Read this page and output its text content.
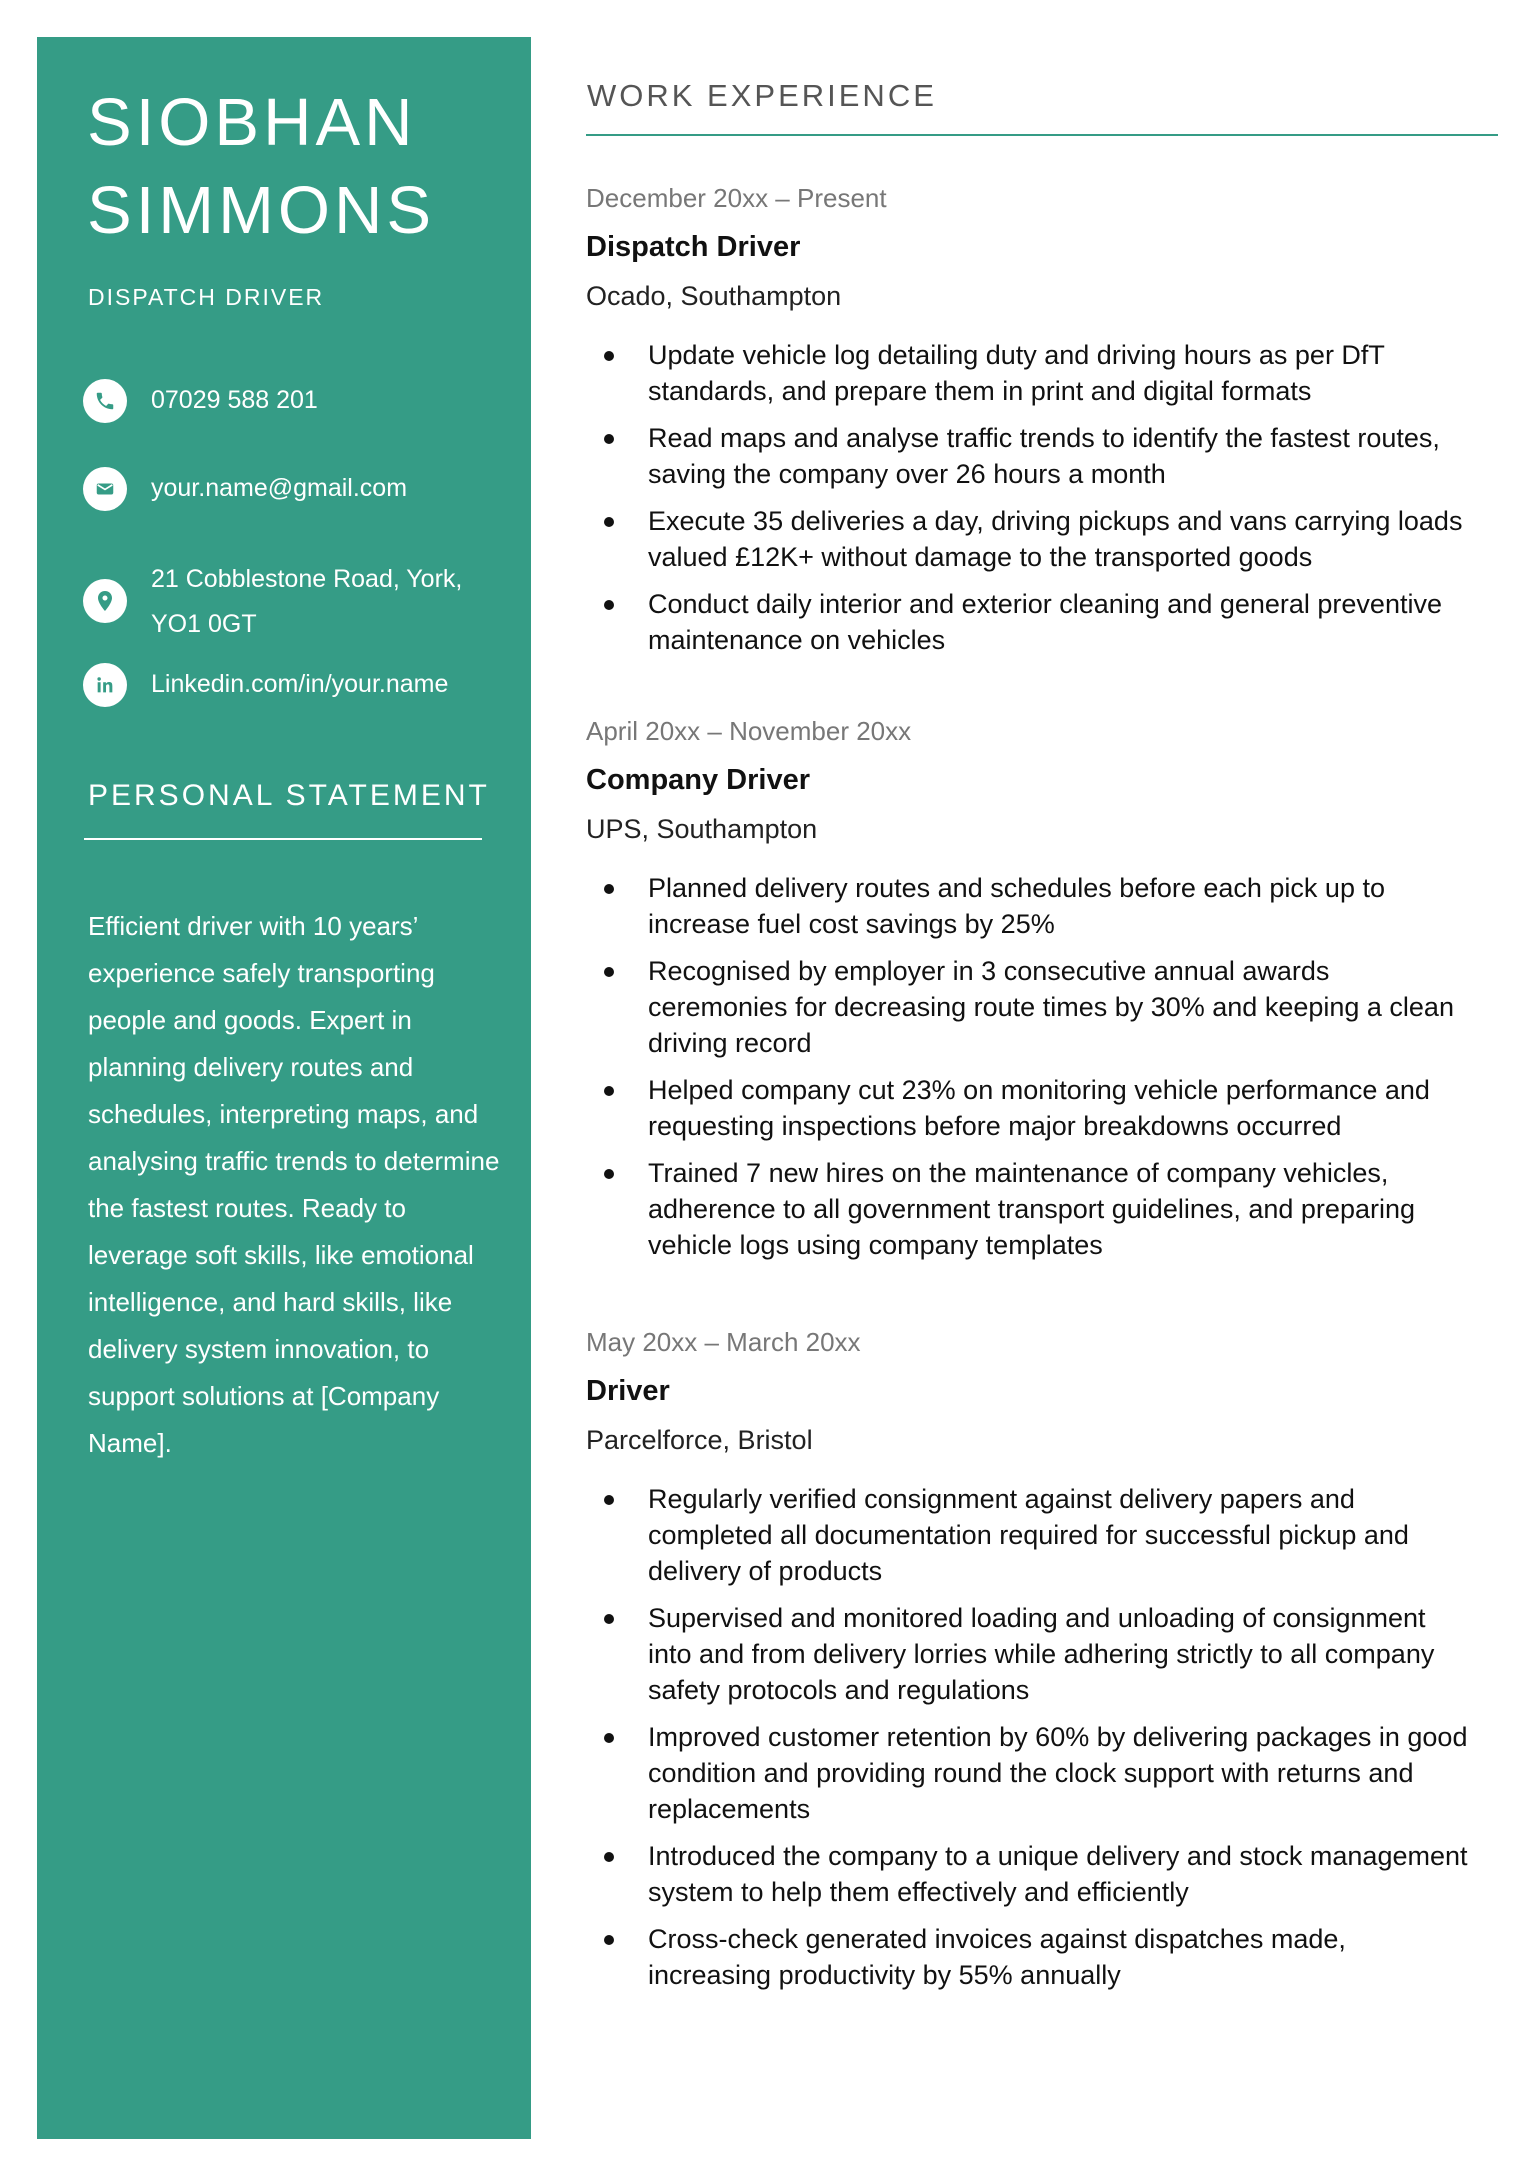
SIOBHAN
SIMMONS
DISPATCH DRIVER
07029 588 201
your.name@gmail.com
21 Cobblestone Road, York,
YO1 0GT
Linkedin.com/in/your.name
PERSONAL STATEMENT

Efficient driver with 10 years’ experience safely transporting people and goods. Expert in planning delivery routes and schedules, interpreting maps, and analysing traffic trends to determine the fastest routes. Ready to leverage soft skills, like emotional intelligence, and hard skills, like delivery system innovation, to support solutions at [Company Name].

WORK EXPERIENCE
December 20xx – Present
Dispatch Driver
Ocado, Southampton
Update vehicle log detailing duty and driving hours as per DfT standards, and prepare them in print and digital formats
Read maps and analyse traffic trends to identify the fastest routes, saving the company over 26 hours a month
Execute 35 deliveries a day, driving pickups and vans carrying loads valued £12K+ without damage to the transported goods
Conduct daily interior and exterior cleaning and general preventive maintenance on vehicles
April 20xx – November 20xx
Company Driver
UPS, Southampton
Planned delivery routes and schedules before each pick up to increase fuel cost savings by 25%
Recognised by employer in 3 consecutive annual awards ceremonies for decreasing route times by 30% and keeping a clean driving record
Helped company cut 23% on monitoring vehicle performance and requesting inspections before major breakdowns occurred
Trained 7 new hires on the maintenance of company vehicles, adherence to all government transport guidelines, and preparing vehicle logs using company templates
May 20xx – March 20xx
Driver
Parcelforce, Bristol
Regularly verified consignment against delivery papers and completed all documentation required for successful pickup and delivery of products
Supervised and monitored loading and unloading of consignment into and from delivery lorries while adhering strictly to all company safety protocols and regulations
Improved customer retention by 60% by delivering packages in good condition and providing round the clock support with returns and replacements
Introduced the company to a unique delivery and stock management system to help them effectively and efficiently
Cross-check generated invoices against dispatches made, increasing productivity by 55% annually
